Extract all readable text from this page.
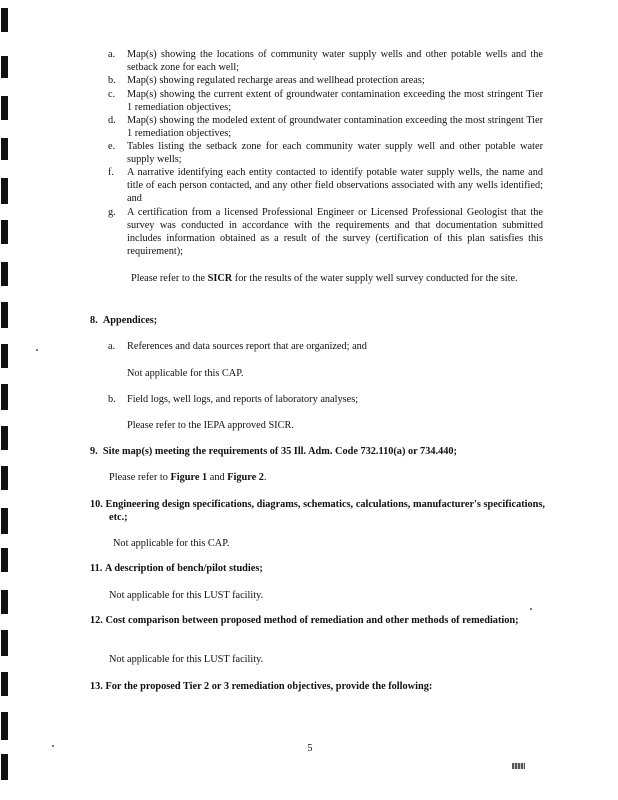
a. Map(s) showing the locations of community water supply wells and other potable wells and the setback zone for each well;
b. Map(s) showing regulated recharge areas and wellhead protection areas;
c. Map(s) showing the current extent of groundwater contamination exceeding the most stringent Tier 1 remediation objectives;
d. Map(s) showing the modeled extent of groundwater contamination exceeding the most stringent Tier 1 remediation objectives;
e. Tables listing the setback zone for each community water supply well and other potable water supply wells;
f. A narrative identifying each entity contacted to identify potable water supply wells, the name and title of each person contacted, and any other field observations associated with any wells identified; and
g. A certification from a licensed Professional Engineer or Licensed Professional Geologist that the survey was conducted in accordance with the requirements and that documentation submitted includes information obtained as a result of the survey (certification of this plan satisfies this requirement);
Please refer to the SICR for the results of the water supply well survey conducted for the site.
8.  Appendices;
a. References and data sources report that are organized; and
Not applicable for this CAP.
b. Field logs, well logs, and reports of laboratory analyses;
Please refer to the IEPA approved SICR.
9.  Site map(s) meeting the requirements of 35 Ill. Adm. Code 732.110(a) or 734.440;
Please refer to Figure 1 and Figure 2.
10. Engineering design specifications, diagrams, schematics, calculations, manufacturer's specifications, etc.;
Not applicable for this CAP.
11. A description of bench/pilot studies;
Not applicable for this LUST facility.
12. Cost comparison between proposed method of remediation and other methods of remediation;
Not applicable for this LUST facility.
13. For the proposed Tier 2 or 3 remediation objectives, provide the following:
5
